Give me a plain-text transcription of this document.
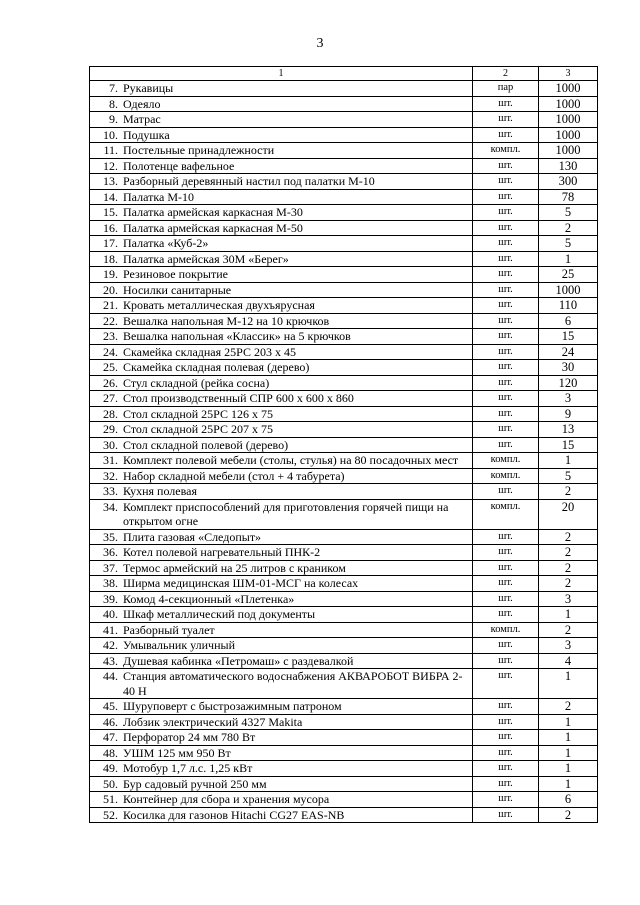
3
1	2	3

7. Рукавицы	пар	1000

8. Одеяло	шт.	1000

9. Матрас	шт.	1000

10. Подушка	шт.	1000

11. Постельные принадлежности	компл.	1000

12. Полотенце вафельное	шт.	130

13. Разборный деревянный настил под палатки М-10	шт.	300

14. Палатка М-10	шт.	78

15. Палатка армейская каркасная М-30	шт.	5

16. Палатка армейская каркасная М-50	шт.	2

17. Палатка «Куб-2»	шт.	5

18. Палатка армейская 30М «Берег»	шт.	1

19. Резиновое покрытие	шт.	25

20. Носилки санитарные	шт.	1000

21. Кровать металлическая двухъярусная	шт.	110

22. Вешалка напольная М-12 на 10 крючков	шт.	6

23. Вешалка напольная «Классик» на 5 крючков	шт.	15

24. Скамейка складная 25РС 203 х 45	шт.	24

25. Скамейка складная полевая (дерево)	шт.	30

26. Стул складной (рейка сосна)	шт.	120

27. Стол производственный СПР 600 х 600 х 860	шт.	3

28. Стол складной 25РС 126 х 75	шт.	9

29. Стол складной 25РС 207 х 75	шт.	13

30. Стол складной полевой (дерево)	шт.	15

31. Комплект полевой мебели (столы, стулья) на 80 посадочных мест	компл.	1

32. Набор складной мебели (стол + 4 табурета)	компл.	5

33. Кухня полевая	шт.	2

34. Комплект приспособлений для приготовления горячей пищи на открытом огне	компл.	20

35. Плита газовая «Следопыт»	шт.	2

36. Котел полевой нагревательный ПНК-2	шт.	2

37. Термос армейский на 25 литров с краником	шт.	2

38. Ширма медицинская ШМ-01-МСГ на колесах	шт.	2

39. Комод 4-секционный «Плетенка»	шт.	3

40. Шкаф металлический под документы	шт.	1

41. Разборный туалет	компл.	2

42. Умывальник уличный	шт.	3

43. Душевая кабинка «Петромаш» с раздевалкой	шт.	4

44. Станция автоматического водоснабжения АКВАРОБОТ ВИБРА 2-40 Н	шт.	1

45. Шуруповерт с быстрозажимным патроном	шт.	2

46. Лобзик электрический 4327 Makita	шт.	1

47. Перфоратор 24 мм 780 Вт	шт.	1

48. УШМ 125 мм 950 Вт	шт.	1

49. Мотобур 1,7 л.с. 1,25 кВт	шт.	1

50. Бур садовый ручной 250 мм	шт.	1

51. Контейнер для сбора и хранения мусора	шт.	6

52. Косилка для газонов Hitachi CG27 EAS-NB	шт.	2
